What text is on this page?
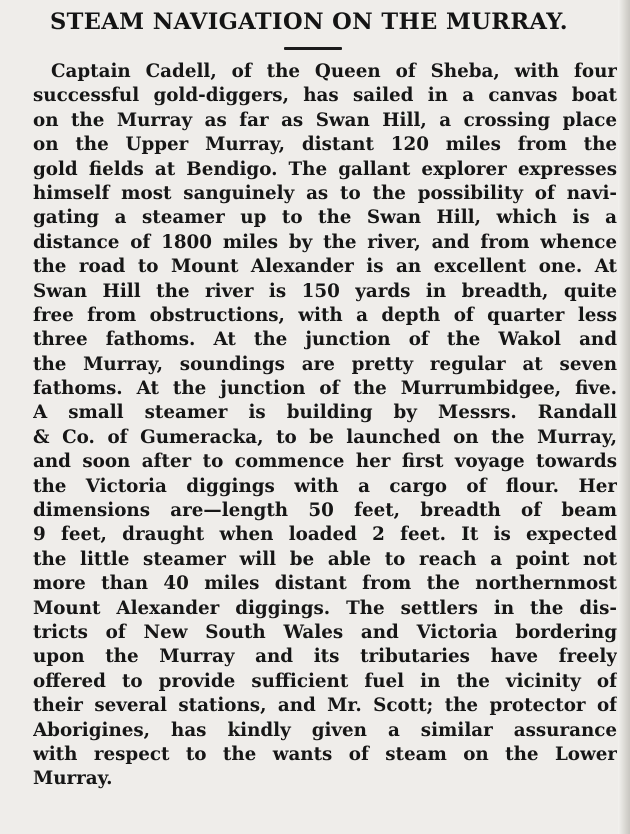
STEAM NAVIGATION ON THE MURRAY.
Captain Cadell, of the Queen of Sheba, with four
successful gold-diggers, has sailed in a canvas boat
on the Murray as far as Swan Hill, a crossing place
on the Upper Murray, distant 120 miles from the
gold fields at Bendigo. The gallant explorer expresses
himself most sanguinely as to the possibility of navi-
gating a steamer up to the Swan Hill, which is a
distance of 1800 miles by the river, and from whence
the road to Mount Alexander is an excellent one. At
Swan Hill the river is 150 yards in breadth, quite
free from obstructions, with a depth of quarter less
three fathoms. At the junction of the Wakol and
the Murray, soundings are pretty regular at seven
fathoms. At the junction of the Murrumbidgee, five.
A small steamer is building by Messrs. Randall
& Co. of Gumeracka, to be launched on the Murray,
and soon after to commence her first voyage towards
the Victoria diggings with a cargo of flour. Her
dimensions are—length 50 feet, breadth of beam
9 feet, draught when loaded 2 feet. It is expected
the little steamer will be able to reach a point not
more than 40 miles distant from the northernmost
Mount Alexander diggings. The settlers in the dis-
tricts of New South Wales and Victoria bordering
upon the Murray and its tributaries have freely
offered to provide sufficient fuel in the vicinity of
their several stations, and Mr. Scott; the protector of
Aborigines, has kindly given a similar assurance
with respect to the wants of steam on the Lower
Murray.
